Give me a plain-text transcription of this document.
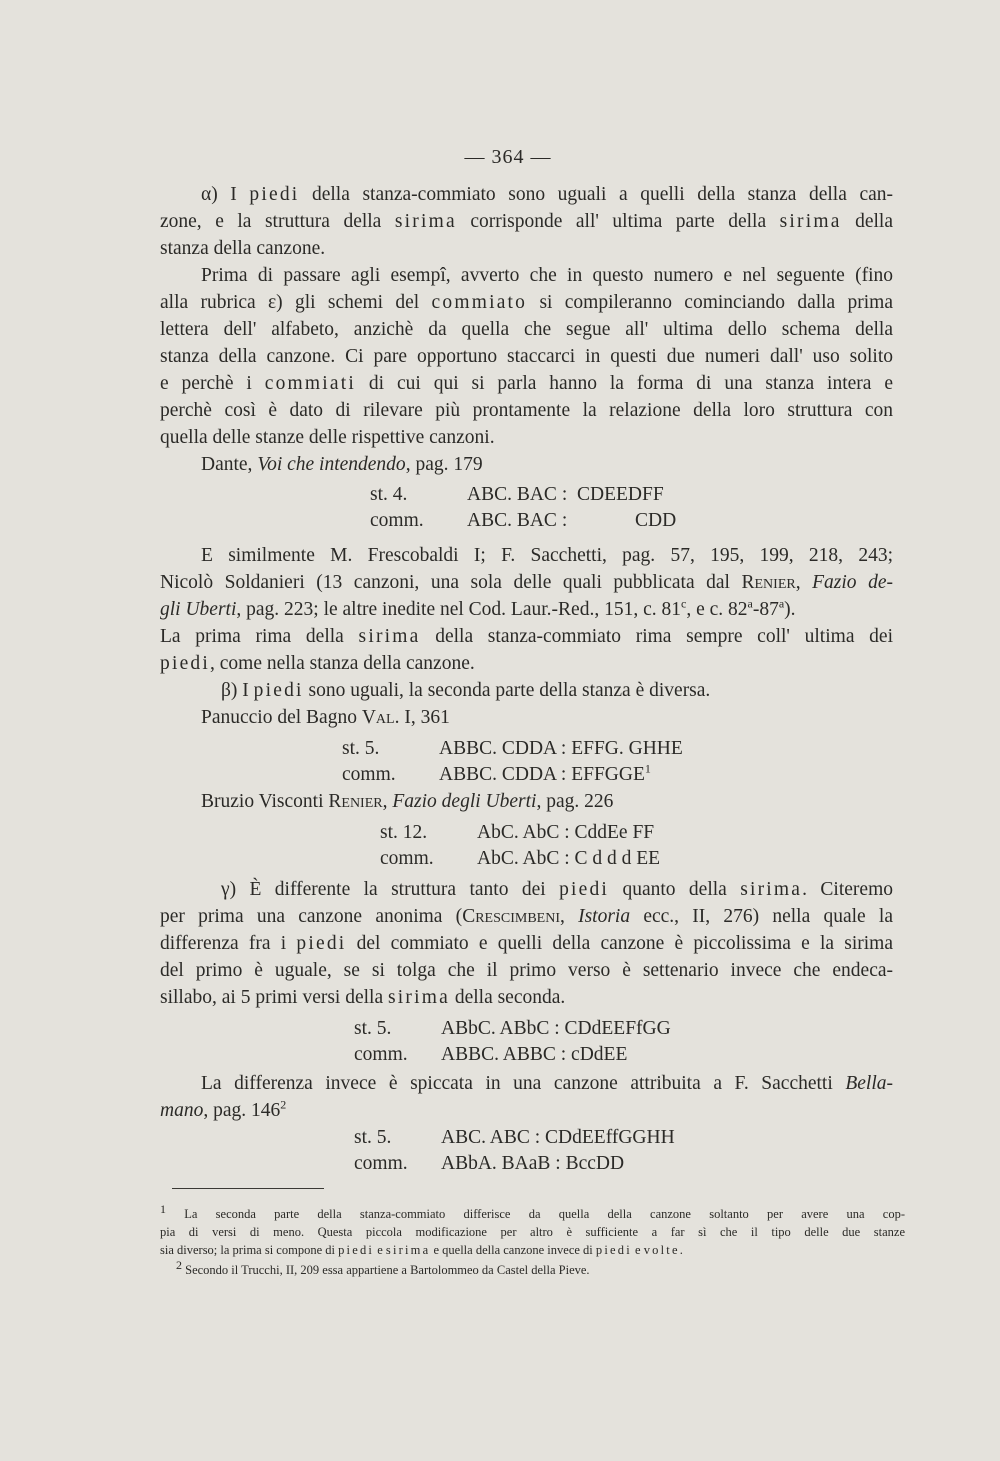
— 364 —
α) I piedi della stanza-commiato sono uguali a quelli della stanza della can-
zone, e la struttura della sirima corrisponde all' ultima parte della sirima della
stanza della canzone.
Prima di passare agli esempî, avverto che in questo numero e nel seguente (fino
alla rubrica ε) gli schemi del commiato si compileranno cominciando dalla prima
lettera dell' alfabeto, anzichè da quella che segue all' ultima dello schema della
stanza della canzone. Ci pare opportuno staccarci in questi due numeri dall' uso solito
e perchè i commiati di cui qui si parla hanno la forma di una stanza intera e
perchè così è dato di rilevare più prontamente la relazione della loro struttura con
quella delle stanze delle rispettive canzoni.
Dante, Voi che intendendo, pag. 179
st. 4.	ABC. BAC : CDEEDFF
comm. ABC. BAC :	CDD
E similmente M. Frescobaldi I; F. Sacchetti, pag. 57, 195, 199, 218, 243;
Nicolò Soldanieri (13 canzoni, una sola delle quali pubblicata dal Renier, Fazio de-
gli Uberti, pag. 223; le altre inedite nel Cod. Laur.-Red., 151, c. 81$^c$, e c. 82$^a$-87$^a$).
La prima rima della sirima della stanza-commiato rima sempre coll' ultima dei
piedi, come nella stanza della canzone.
β) I piedi sono uguali, la seconda parte della stanza è diversa.
Panuccio del Bagno Val. I, 361
st. 5.	ABBC. CDDA : EFFG. GHHE
comm. ABBC. CDDA : EFFGGE$^1$
Bruzio Visconti Renier, Fazio degli Uberti, pag. 226
st. 12.	AbC. AbC : CddEe FF
comm. AbC. AbC : C d d d EE
γ) È differente la struttura tanto dei piedi quanto della sirima. Citeremo
per prima una canzone anonima (Crescimbeni, Istoria ecc., II, 276) nella quale la
differenza fra i piedi del commiato e quelli della canzone è piccolissima e la sirima
del primo è uguale, se si tolga che il primo verso è settenario invece che endeca-
sillabo, ai 5 primi versi della sirima della seconda.
st. 5.	ABbC. ABbC : CDdEEFfGG
comm. ABBC. ABBC : cDdEE
La differenza invece è spiccata in una canzone attribuita a F. Sacchetti Bella-
mano, pag. $146^2$
st. 5.	ABC. ABC : CDdEEffGGHH
comm. ABbA. BAaB : BccDD
1 La seconda parte della stanza-commiato differisce da quella della canzone soltanto per avere una cop-
pia di versi di meno. Questa piccola modificazione per altro è sufficiente a far sì che il tipo delle due stanze
sia diverso; la prima si compone di piedi e sirima e quella della canzone invece di piedi e volte.
2 Secondo il Trucchi, II, 209 essa appartiene a Bartolommeo da Castel della Pieve.
